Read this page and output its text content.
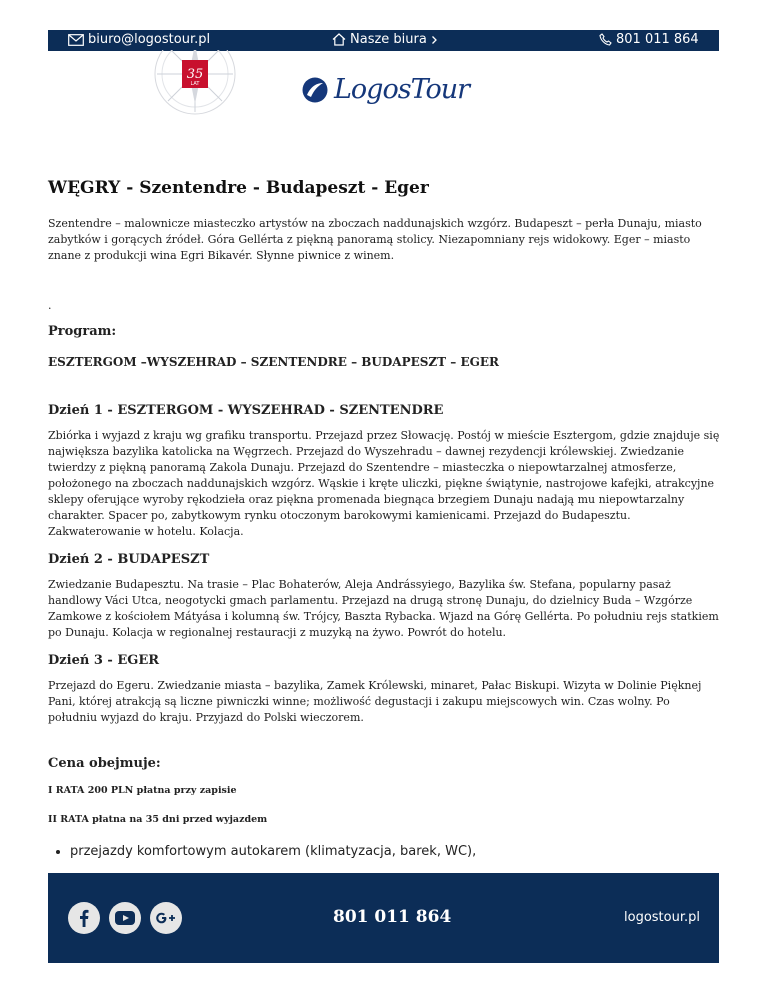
biuro@logostour.pl	Nasze biura	801 011 864
35
LAT	LogosTour
WĘGRY - Szentendre - Budapeszt - Eger

Szentendre – malownicze miasteczko artystów na zboczach naddunajskich wzgórz. Budapeszt – perła Dunaju, miasto zabytków i gorących źródeł. Góra Gellérta z piękną panoramą stolicy. Niezapomniany rejs widokowy. Eger – miasto znane z produkcji wina Egri Bikavér. Słynne piwnice z winem.

.
Program:
ESZTERGOM –WYSZEHRAD – SZENTENDRE – BUDAPESZT – EGER
Dzień 1 - ESZTERGOM - WYSZEHRAD - SZENTENDRE

Zbiórka i wyjazd z kraju wg grafiku transportu. Przejazd przez Słowację. Postój w mieście Esztergom, gdzie znajduje się największa bazylika katolicka na Węgrzech. Przejazd do Wyszehradu – dawnej rezydencji królewskiej. Zwiedzanie twierdzy z piękną panoramą Zakola Dunaju. Przejazd do Szentendre – miasteczka o niepowtarzalnej atmosferze, położonego na zboczach naddunajskich wzgórz. Wąskie i kręte uliczki, piękne świątynie, nastrojowe kafejki, atrakcyjne sklepy oferujące wyroby rękodzieła oraz piękna promenada biegnąca brzegiem Dunaju nadają mu niepowtarzalny charakter. Spacer po, zabytkowym rynku otoczonym barokowymi kamienicami. Przejazd do Budapesztu. Zakwaterowanie w hotelu. Kolacja.

Dzień 2 - BUDAPESZT

Zwiedzanie Budapesztu. Na trasie – Plac Bohaterów, Aleja Andrássyiego, Bazylika św. Stefana, popularny pasaż handlowy Váci Utca, neogotycki gmach parlamentu. Przejazd na drugą stronę Dunaju, do dzielnicy Buda – Wzgórze Zamkowe z kościołem Mátyása i kolumną św. Trójcy, Baszta Rybacka. Wjazd na Górę Gellérta. Po południu rejs statkiem po Dunaju. Kolacja w regionalnej restauracji z muzyką na żywo. Powrót do hotelu.

Dzień 3 - EGER

Przejazd do Egeru. Zwiedzanie miasta – bazylika, Zamek Królewski, minaret, Pałac Biskupi. Wizyta w Dolinie Pięknej Pani, której atrakcją są liczne piwniczki winne; możliwość degustacji i zakupu miejscowych win. Czas wolny. Po południu wyjazd do kraju. Przyjazd do Polski wieczorem.

Cena obejmuje:
I RATA 200 PLN płatna przy zapisie
II RATA płatna na 35 dni przed wyjazdem
• przejazdy komfortowym autokarem (klimatyzacja, barek, WC),
801 011 864	logostour.pl
